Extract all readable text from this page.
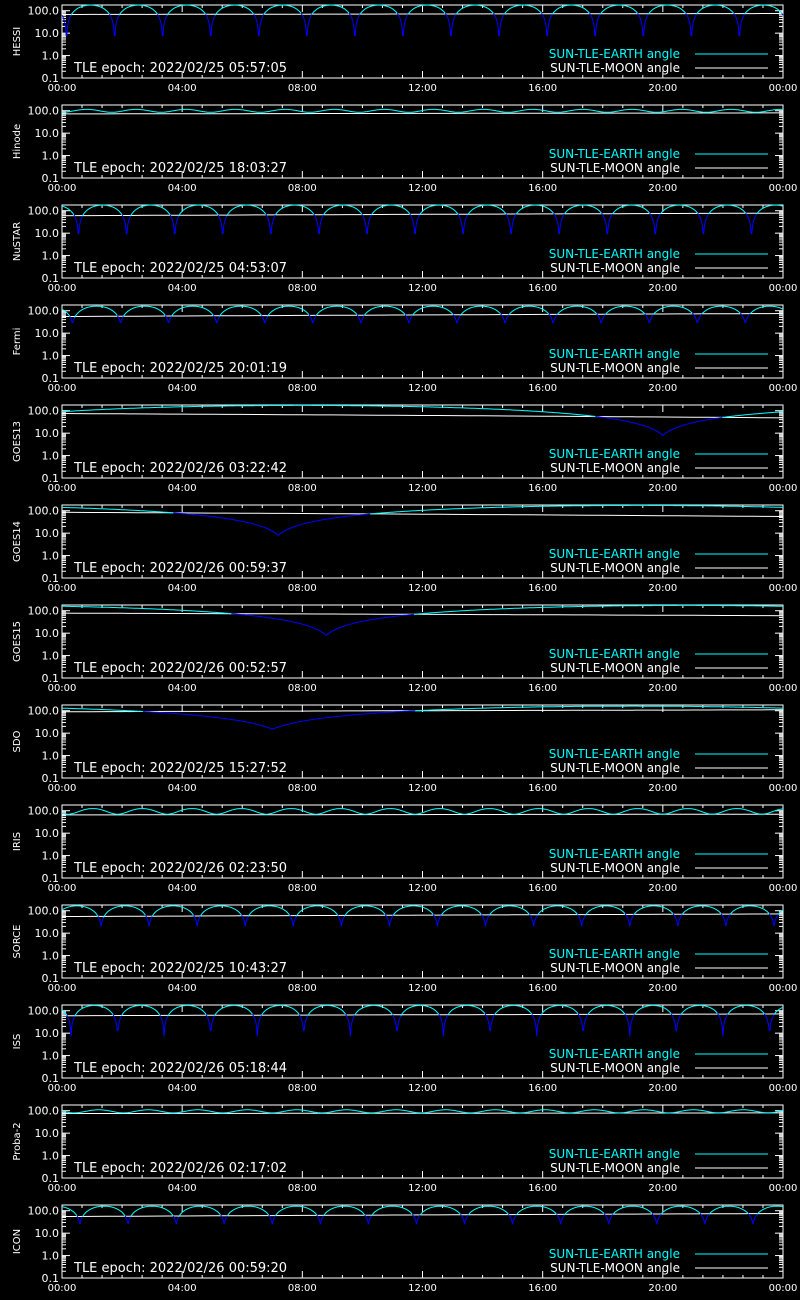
0.1
1.0
10.0
100.0
00:00	04:00	08:00	12:00	16:00	20:00	00:00
HESSI
TLE epoch: 2022/02/25 05:57:05
SUN-TLE-EARTH angle
SUN-TLE-MOON angle
0.1
1.0
10.0
100.0
00:00	04:00	08:00	12:00	16:00	20:00	00:00
Hinode
TLE epoch: 2022/02/25 18:03:27
SUN-TLE-EARTH angle
SUN-TLE-MOON angle
0.1
1.0
10.0
100.0
00:00	04:00	08:00	12:00	16:00	20:00	00:00
NuSTAR
TLE epoch: 2022/02/25 04:53:07
SUN-TLE-EARTH angle
SUN-TLE-MOON angle
0.1
1.0
10.0
100.0
00:00	04:00	08:00	12:00	16:00	20:00	00:00
Fermi
TLE epoch: 2022/02/25 20:01:19
SUN-TLE-EARTH angle
SUN-TLE-MOON angle
0.1
1.0
10.0
100.0
00:00	04:00	08:00	12:00	16:00	20:00	00:00
GOES13
TLE epoch: 2022/02/26 03:22:42
SUN-TLE-EARTH angle
SUN-TLE-MOON angle
0.1
1.0
10.0
100.0
00:00	04:00	08:00	12:00	16:00	20:00	00:00
GOES14
TLE epoch: 2022/02/26 00:59:37
SUN-TLE-EARTH angle
SUN-TLE-MOON angle
0.1
1.0
10.0
100.0
00:00	04:00	08:00	12:00	16:00	20:00	00:00
GOES15
TLE epoch: 2022/02/26 00:52:57
SUN-TLE-EARTH angle
SUN-TLE-MOON angle
0.1
1.0
10.0
100.0
00:00	04:00	08:00	12:00	16:00	20:00	00:00
SDO
TLE epoch: 2022/02/25 15:27:52
SUN-TLE-EARTH angle
SUN-TLE-MOON angle
0.1
1.0
10.0
100.0
00:00	04:00	08:00	12:00	16:00	20:00	00:00
IRIS
TLE epoch: 2022/02/26 02:23:50
SUN-TLE-EARTH angle
SUN-TLE-MOON angle
0.1
1.0
10.0
100.0
00:00	04:00	08:00	12:00	16:00	20:00	00:00
SORCE
TLE epoch: 2022/02/25 10:43:27
SUN-TLE-EARTH angle
SUN-TLE-MOON angle
0.1
1.0
10.0
100.0
00:00	04:00	08:00	12:00	16:00	20:00	00:00
ISS
TLE epoch: 2022/02/26 05:18:44
SUN-TLE-EARTH angle
SUN-TLE-MOON angle
0.1
1.0
10.0
100.0
00:00	04:00	08:00	12:00	16:00	20:00	00:00
Proba-2
TLE epoch: 2022/02/26 02:17:02
SUN-TLE-EARTH angle
SUN-TLE-MOON angle
0.1
1.0
10.0
100.0
00:00	04:00	08:00	12:00	16:00	20:00	00:00
ICON
TLE epoch: 2022/02/26 00:59:20
SUN-TLE-EARTH angle
SUN-TLE-MOON angle
